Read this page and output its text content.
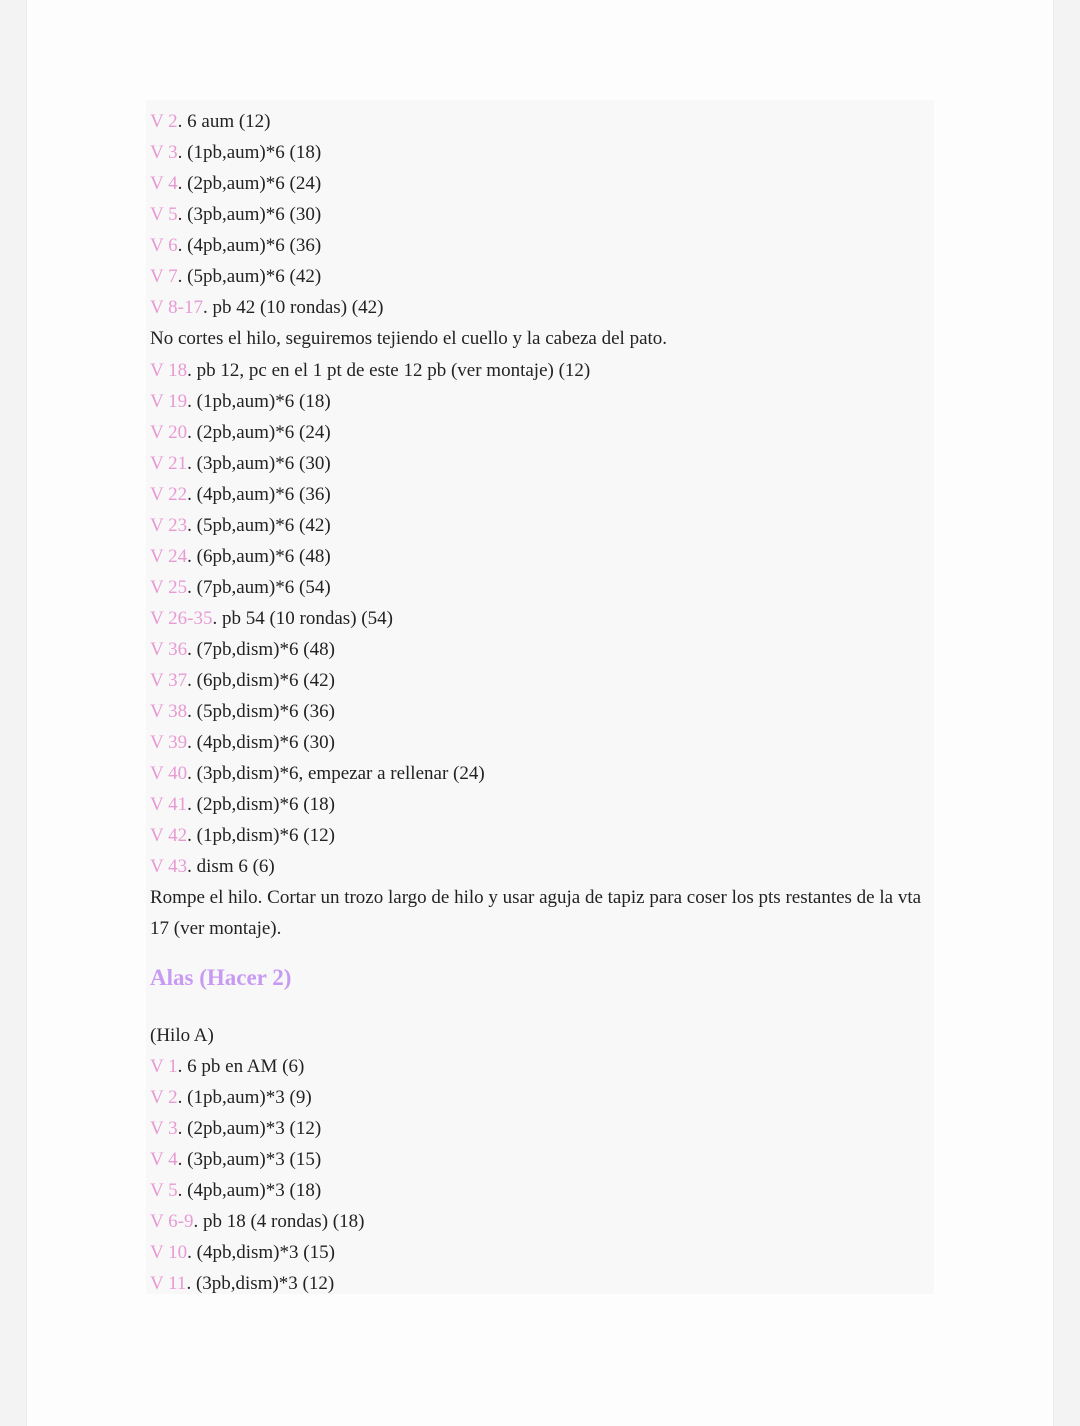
V 2. 6 aum (12)
V 3. (1pb,aum)*6 (18)
V 4. (2pb,aum)*6 (24)
V 5. (3pb,aum)*6 (30)
V 6. (4pb,aum)*6 (36)
V 7. (5pb,aum)*6 (42)
V 8-17. pb 42 (10 rondas) (42)
No cortes el hilo, seguiremos tejiendo el cuello y la cabeza del pato.
V 18. pb 12, pc en el 1 pt de este 12 pb (ver montaje) (12)
V 19. (1pb,aum)*6 (18)
V 20. (2pb,aum)*6 (24)
V 21. (3pb,aum)*6 (30)
V 22. (4pb,aum)*6 (36)
V 23. (5pb,aum)*6 (42)
V 24. (6pb,aum)*6 (48)
V 25. (7pb,aum)*6 (54)
V 26-35. pb 54 (10 rondas) (54)
V 36. (7pb,dism)*6 (48)
V 37. (6pb,dism)*6 (42)
V 38. (5pb,dism)*6 (36)
V 39. (4pb,dism)*6 (30)
V 40. (3pb,dism)*6, empezar a rellenar (24)
V 41. (2pb,dism)*6 (18)
V 42. (1pb,dism)*6 (12)
V 43. dism 6 (6)
Rompe el hilo. Cortar un trozo largo de hilo y usar aguja de tapiz para coser los pts restantes de la vta 17 (ver montaje).
Alas (Hacer 2)
(Hilo A)
V 1. 6 pb en AM (6)
V 2. (1pb,aum)*3 (9)
V 3. (2pb,aum)*3 (12)
V 4. (3pb,aum)*3 (15)
V 5. (4pb,aum)*3 (18)
V 6-9. pb 18 (4 rondas) (18)
V 10. (4pb,dism)*3 (15)
V 11. (3pb,dism)*3 (12)
